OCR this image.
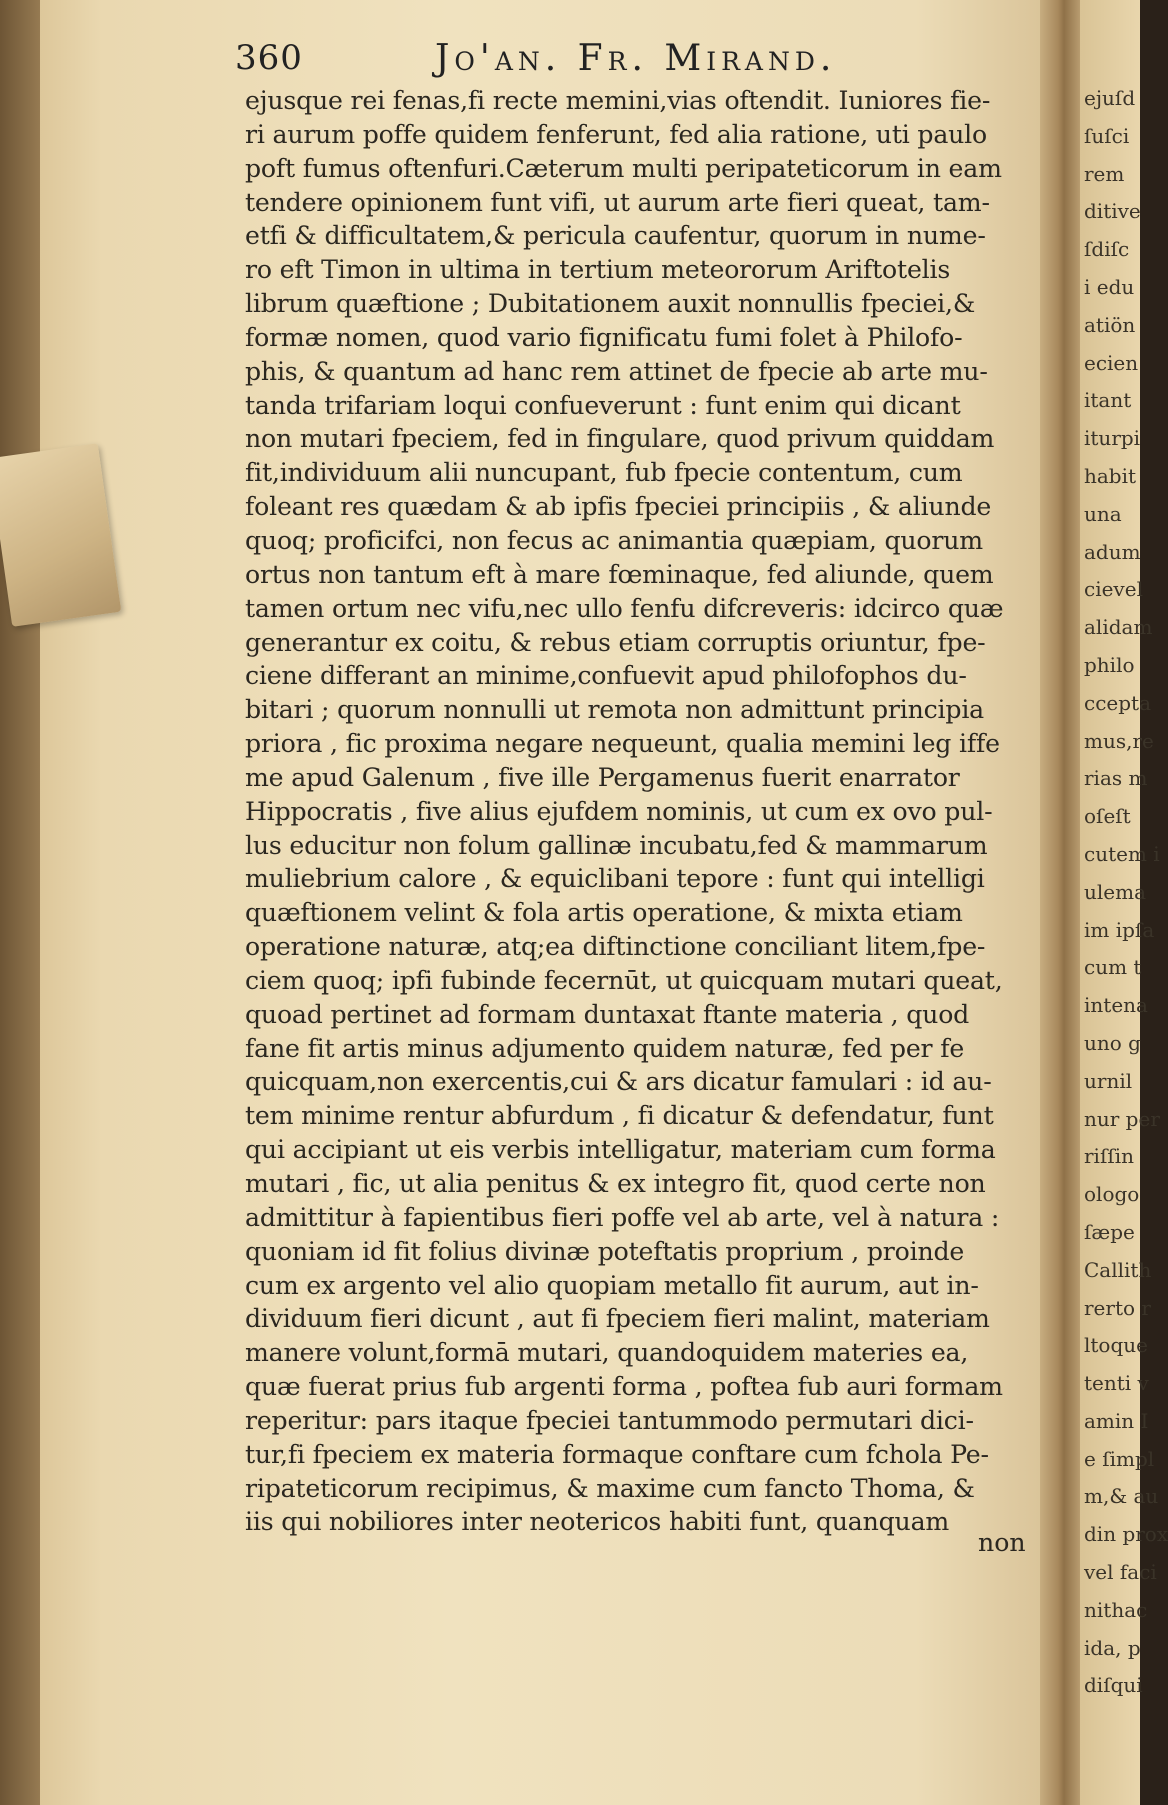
ejuſd
ſuſci
rem
ditive
ſdiſc
i edu
atiön
ecien
itant
iturpi
habit
una
adum
cievel
alidam
philo
ccepta
mus,re
rias m
oſeſt
cutem i
ulema
im ipſa
cum t
intena
uno g
urnil
nur per
riſſin
ologo
ſæpe
Callith
rerto r
ltoque
tenti v
amin I
e ſimpl
m,& au
din prox
vel faci
nithac
ida, p
diſqui
360	Jo'an. Fr. Mirand.
ejusque rei fenas,fi recte memini,vias oftendit. Iuniores fie-
ri aurum poffe quidem fenferunt, fed alia ratione, uti paulo
poft fumus oftenfuri.Cæterum multi peripateticorum in eam
tendere opinionem funt vifi, ut aurum arte fieri queat, tam-
etfi & difficultatem,& pericula caufentur, quorum in nume-
ro eft Timon in ultima in tertium meteororum Ariftotelis
librum quæftione ; Dubitationem auxit nonnullis fpeciei,&
formæ nomen, quod vario fignificatu fumi folet à Philofo-
phis, & quantum ad hanc rem attinet de fpecie ab arte mu-
tanda trifariam loqui confueverunt : funt enim qui dicant
non mutari fpeciem, fed in fingulare, quod privum quiddam
fit,individuum alii nuncupant, fub fpecie contentum, cum
foleant res quædam & ab ipfis fpeciei principiis , & aliunde
quoq; proficifci, non fecus ac animantia quæpiam, quorum
ortus non tantum eft à mare fœminaque, fed aliunde, quem
tamen ortum nec vifu,nec ullo fenfu difcreveris: idcirco quæ
generantur ex coitu, & rebus etiam corruptis oriuntur, fpe-
ciene differant an minime,confuevit apud philofophos du-
bitari ; quorum nonnulli ut remota non admittunt principia
priora , fic proxima negare nequeunt, qualia memini leg iffe
me apud Galenum , five ille Pergamenus fuerit enarrator
Hippocratis , five alius ejufdem nominis, ut cum ex ovo pul-
lus educitur non folum gallinæ incubatu,fed & mammarum
muliebrium calore , & equiclibani tepore : funt qui intelligi
quæftionem velint & fola artis operatione, & mixta etiam
operatione naturæ, atq;ea diftinctione conciliant litem,fpe-
ciem quoq; ipfi fubinde fecernūt, ut quicquam mutari queat,
quoad pertinet ad formam duntaxat ftante materia , quod
fane fit artis minus adjumento quidem naturæ, fed per fe
quicquam,non exercentis,cui & ars dicatur famulari : id au-
tem minime rentur abfurdum , fi dicatur & defendatur, funt
qui accipiant ut eis verbis intelligatur, materiam cum forma
mutari , fic, ut alia penitus & ex integro fit, quod certe non
admittitur à fapientibus fieri poffe vel ab arte, vel à natura :
quoniam id fit folius divinæ poteftatis proprium , proinde
cum ex argento vel alio quopiam metallo fit aurum, aut in-
dividuum fieri dicunt , aut fi fpeciem fieri malint, materiam
manere volunt,formā mutari, quandoquidem materies ea,
quæ fuerat prius fub argenti forma , poftea fub auri formam
reperitur: pars itaque fpeciei tantummodo permutari dici-
tur,fi fpeciem ex materia formaque conftare cum fchola Pe-
ripateticorum recipimus, & maxime cum fancto Thoma, &
iis qui nobiliores inter neotericos habiti funt, quanquam
non
